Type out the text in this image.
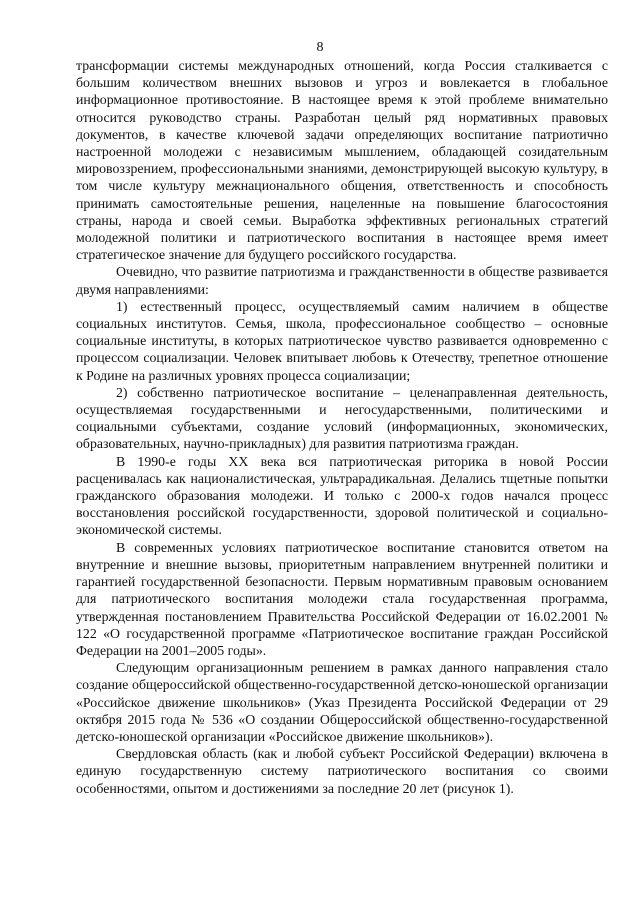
8

трансформации системы международных отношений, когда Россия сталкивается с большим количеством внешних вызовов и угроз и вовлекается в глобальное информационное противостояние. В настоящее время к этой проблеме внимательно относится руководство страны. Разработан целый ряд нормативных правовых документов, в качестве ключевой задачи определяющих воспитание патриотично настроенной молодежи с независимым мышлением, обладающей созидательным мировоззрением, профессиональными знаниями, демонстрирующей высокую культуру, в том числе культуру межнационального общения, ответственность и способность принимать самостоятельные решения, нацеленные на повышение благосостояния страны, народа и своей семьи. Выработка эффективных региональных стратегий молодежной политики и патриотического воспитания в настоящее время имеет стратегическое значение для будущего российского государства.

Очевидно, что развитие патриотизма и гражданственности в обществе развивается двумя направлениями:

1) естественный процесс, осуществляемый самим наличием в обществе социальных институтов. Семья, школа, профессиональное сообщество – основные социальные институты, в которых патриотическое чувство развивается одновременно с процессом социализации. Человек впитывает любовь к Отечеству, трепетное отношение к Родине на различных уровнях процесса социализации;

2) собственно патриотическое воспитание – целенаправленная деятельность, осуществляемая государственными и негосударственными, политическими и социальными субъектами, создание условий (информационных, экономических, образовательных, научно-прикладных) для развития патриотизма граждан.

В 1990-е годы XX века вся патриотическая риторика в новой России расценивалась как националистическая, ультрарадикальная. Делались тщетные попытки гражданского образования молодежи. И только с 2000-х годов начался процесс восстановления российской государственности, здоровой политической и социально-экономической системы.

В современных условиях патриотическое воспитание становится ответом на внутренние и внешние вызовы, приоритетным направлением внутренней политики и гарантией государственной безопасности. Первым нормативным правовым основанием для патриотического воспитания молодежи стала государственная программа, утвержденная постановлением Правительства Российской Федерации от 16.02.2001 № 122 «О государственной программе «Патриотическое воспитание граждан Российской Федерации на 2001–2005 годы».

Следующим организационным решением в рамках данного направления стало создание общероссийской общественно-государственной детско-юношеской организации «Российское движение школьников» (Указ Президента Российской Федерации от 29 октября 2015 года № 536 «О создании Общероссийской общественно-государственной детско-юношеской организации «Российское движение школьников»).

Свердловская область (как и любой субъект Российской Федерации) включена в единую государственную систему патриотического воспитания со своими особенностями, опытом и достижениями за последние 20 лет (рисунок 1).
